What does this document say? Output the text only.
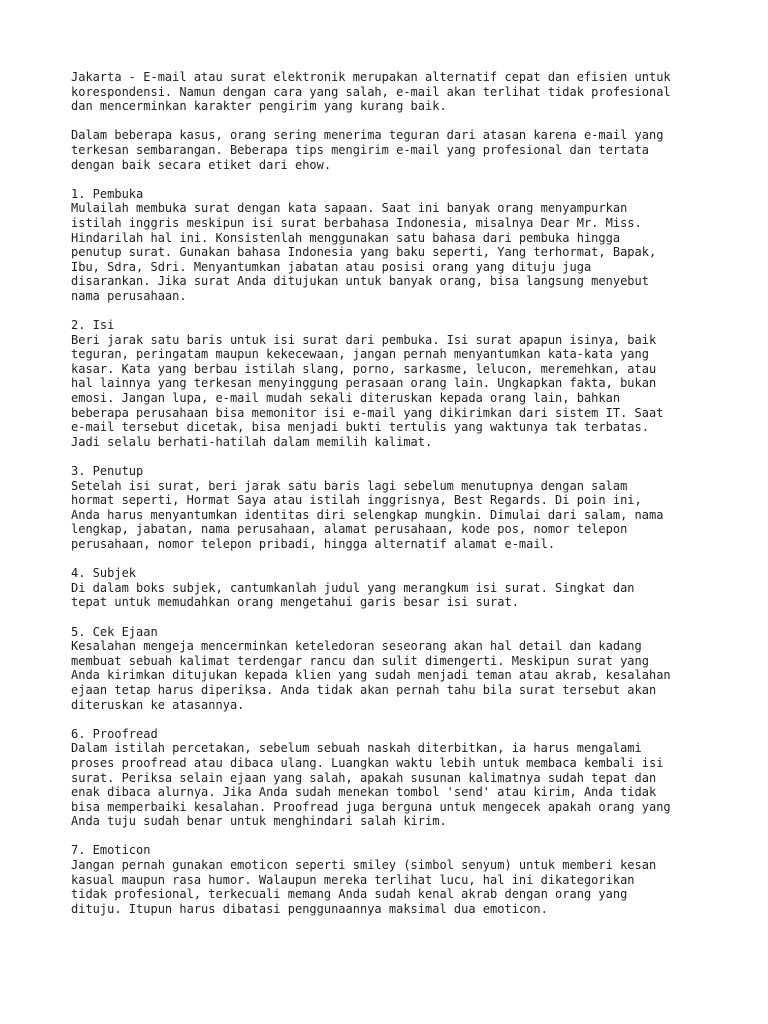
Jakarta - E-mail atau surat elektronik merupakan alternatif cepat dan efisien untuk
korespondensi. Namun dengan cara yang salah, e-mail akan terlihat tidak profesional
dan mencerminkan karakter pengirim yang kurang baik.
Dalam beberapa kasus, orang sering menerima teguran dari atasan karena e-mail yang
terkesan sembarangan. Beberapa tips mengirim e-mail yang profesional dan tertata
dengan baik secara etiket dari ehow.
1. Pembuka
Mulailah membuka surat dengan kata sapaan. Saat ini banyak orang menyampurkan
istilah inggris meskipun isi surat berbahasa Indonesia, misalnya Dear Mr. Miss.
Hindarilah hal ini. Konsistenlah menggunakan satu bahasa dari pembuka hingga
penutup surat. Gunakan bahasa Indonesia yang baku seperti, Yang terhormat, Bapak,
Ibu, Sdra, Sdri. Menyantumkan jabatan atau posisi orang yang dituju juga
disarankan. Jika surat Anda ditujukan untuk banyak orang, bisa langsung menyebut
nama perusahaan.
2. Isi
Beri jarak satu baris untuk isi surat dari pembuka. Isi surat apapun isinya, baik
teguran, peringatam maupun kekecewaan, jangan pernah menyantumkan kata-kata yang
kasar. Kata yang berbau istilah slang, porno, sarkasme, lelucon, meremehkan, atau
hal lainnya yang terkesan menyinggung perasaan orang lain. Ungkapkan fakta, bukan
emosi. Jangan lupa, e-mail mudah sekali diteruskan kepada orang lain, bahkan
beberapa perusahaan bisa memonitor isi e-mail yang dikirimkan dari sistem IT. Saat
e-mail tersebut dicetak, bisa menjadi bukti tertulis yang waktunya tak terbatas.
Jadi selalu berhati-hatilah dalam memilih kalimat.
3. Penutup
Setelah isi surat, beri jarak satu baris lagi sebelum menutupnya dengan salam
hormat seperti, Hormat Saya atau istilah inggrisnya, Best Regards. Di poin ini,
Anda harus menyantumkan identitas diri selengkap mungkin. Dimulai dari salam, nama
lengkap, jabatan, nama perusahaan, alamat perusahaan, kode pos, nomor telepon
perusahaan, nomor telepon pribadi, hingga alternatif alamat e-mail.
4. Subjek
Di dalam boks subjek, cantumkanlah judul yang merangkum isi surat. Singkat dan
tepat untuk memudahkan orang mengetahui garis besar isi surat.
5. Cek Ejaan
Kesalahan mengeja mencerminkan keteledoran seseorang akan hal detail dan kadang
membuat sebuah kalimat terdengar rancu dan sulit dimengerti. Meskipun surat yang
Anda kirimkan ditujukan kepada klien yang sudah menjadi teman atau akrab, kesalahan
ejaan tetap harus diperiksa. Anda tidak akan pernah tahu bila surat tersebut akan
diteruskan ke atasannya.
6. Proofread
Dalam istilah percetakan, sebelum sebuah naskah diterbitkan, ia harus mengalami
proses proofread atau dibaca ulang. Luangkan waktu lebih untuk membaca kembali isi
surat. Periksa selain ejaan yang salah, apakah susunan kalimatnya sudah tepat dan
enak dibaca alurnya. Jika Anda sudah menekan tombol 'send' atau kirim, Anda tidak
bisa memperbaiki kesalahan. Proofread juga berguna untuk mengecek apakah orang yang
Anda tuju sudah benar untuk menghindari salah kirim.
7. Emoticon
Jangan pernah gunakan emoticon seperti smiley (simbol senyum) untuk memberi kesan
kasual maupun rasa humor. Walaupun mereka terlihat lucu, hal ini dikategorikan
tidak profesional, terkecuali memang Anda sudah kenal akrab dengan orang yang
dituju. Itupun harus dibatasi penggunaannya maksimal dua emoticon.
